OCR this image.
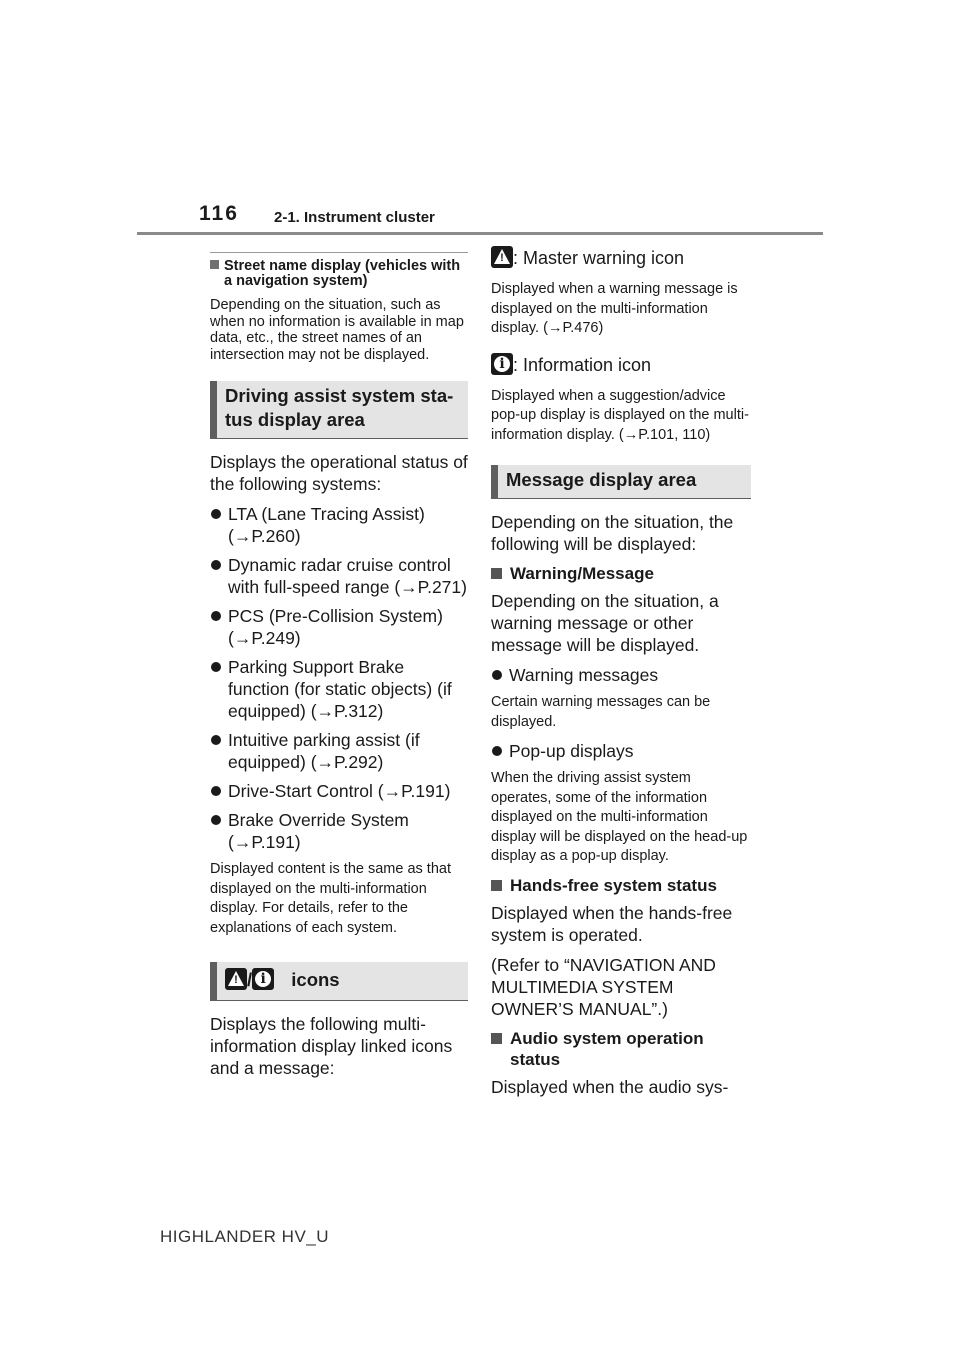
116 2-1. Instrument cluster
Street name display (vehicles with a navigation system)

Depending on the situation, such as when no information is available in map data, etc., the street names of an intersection may not be displayed.

Driving assist system sta-
tus display area

Displays the operational status of the following systems:

LTA (Lane Tracing Assist) (→P.260)
Dynamic radar cruise control with full-speed range (→P.271)
PCS (Pre-Collision System) (→P.249)
Parking Support Brake function (for static objects) (if equipped) (→P.312)
Intuitive parking assist (if equipped) (→P.292)
Drive-Start Control (→P.191)
Brake Override System (→P.191)

Displayed content is the same as that displayed on the multi-information display. For details, refer to the explanations of each system.

!/i icons

Displays the following multi-information display linked icons and a message:

!: Master warning icon

Displayed when a warning message is displayed on the multi-information display. (→P.476)

i: Information icon

Displayed when a suggestion/advice pop-up display is displayed on the multi-information display. (→P.101, 110)

Message display area

Depending on the situation, the following will be displayed:

Warning/Message

Depending on the situation, a warning message or other message will be displayed.

Warning messages

Certain warning messages can be displayed.

Pop-up displays

When the driving assist system operates, some of the information displayed on the multi-information display will be displayed on the head-up display as a pop-up display.

Hands-free system status

Displayed when the hands-free system is operated.

(Refer to “NAVIGATION AND MULTIMEDIA SYSTEM OWNER’S MANUAL”.)

Audio system operation status

Displayed when the audio sys-

HIGHLANDER HV_U
